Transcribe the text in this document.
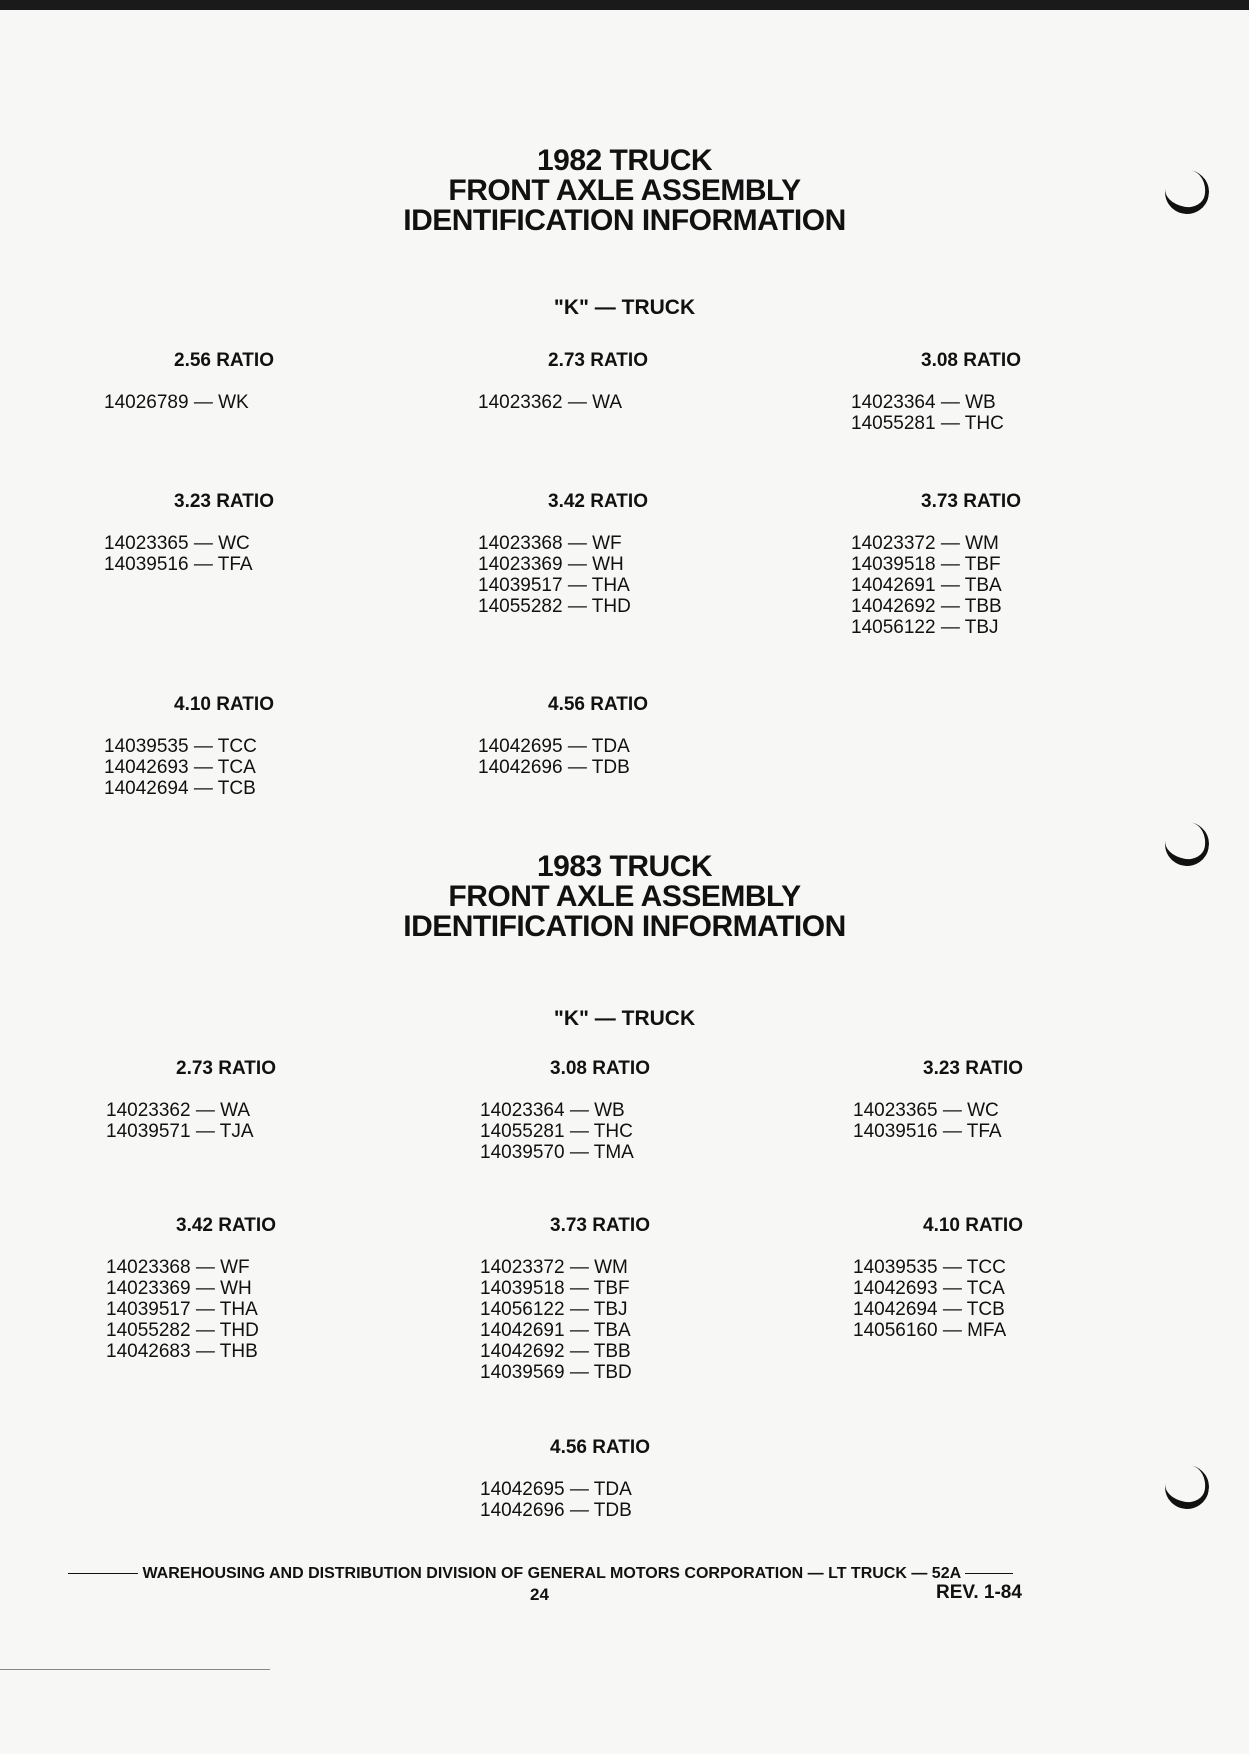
1982 TRUCK
FRONT AXLE ASSEMBLY
IDENTIFICATION INFORMATION
"K" — TRUCK
2.56 RATIO
14026789 — WK
2.73 RATIO
14023362 — WA
3.08 RATIO
14023364 — WB
14055281 — THC
3.23 RATIO
14023365 — WC
14039516 — TFA
3.42 RATIO
14023368 — WF
14023369 — WH
14039517 — THA
14055282 — THD
3.73 RATIO
14023372 — WM
14039518 — TBF
14042691 — TBA
14042692 — TBB
14056122 — TBJ
4.10 RATIO
14039535 — TCC
14042693 — TCA
14042694 — TCB
4.56 RATIO
14042695 — TDA
14042696 — TDB
1983 TRUCK
FRONT AXLE ASSEMBLY
IDENTIFICATION INFORMATION
"K" — TRUCK
2.73 RATIO
14023362 — WA
14039571 — TJA
3.08 RATIO
14023364 — WB
14055281 — THC
14039570 — TMA
3.23 RATIO
14023365 — WC
14039516 — TFA
3.42 RATIO
14023368 — WF
14023369 — WH
14039517 — THA
14055282 — THD
14042683 — THB
3.73 RATIO
14023372 — WM
14039518 — TBF
14056122 — TBJ
14042691 — TBA
14042692 — TBB
14039569 — TBD
4.10 RATIO
14039535 — TCC
14042693 — TCA
14042694 — TCB
14056160 — MFA
4.56 RATIO
14042695 — TDA
14042696 — TDB
WAREHOUSING AND DISTRIBUTION DIVISION OF GENERAL MOTORS CORPORATION — LT TRUCK — 52A
24	REV. 1-84
